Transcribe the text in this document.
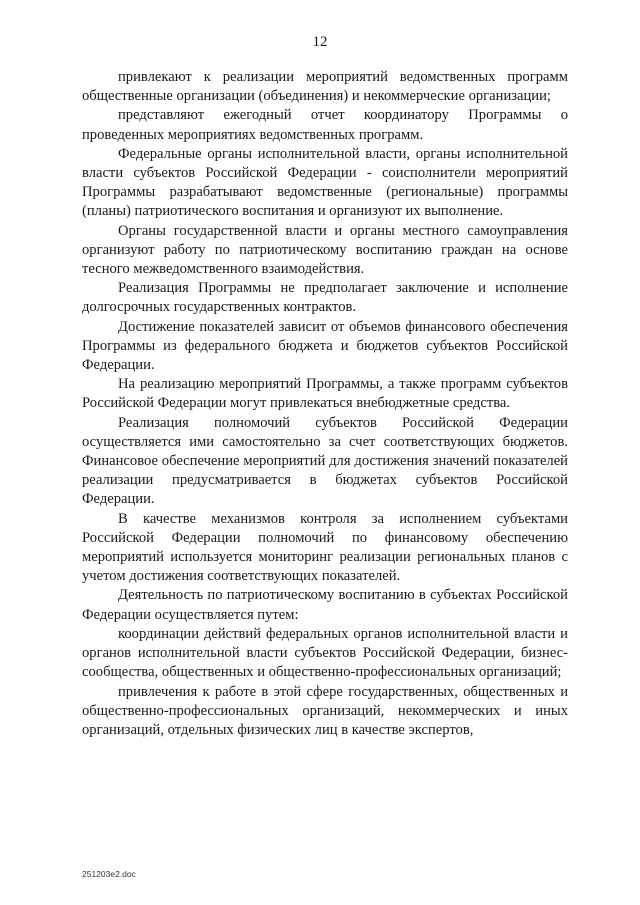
12

привлекают к реализации мероприятий ведомственных программ общественные организации (объединения) и некоммерческие организации;

представляют ежегодный отчет координатору Программы о проведенных мероприятиях ведомственных программ.

Федеральные органы исполнительной власти, органы исполнительной власти субъектов Российской Федерации - соисполнители мероприятий Программы разрабатывают ведомственные (региональные) программы (планы) патриотического воспитания и организуют их выполнение.

Органы государственной власти и органы местного самоуправления организуют работу по патриотическому воспитанию граждан на основе тесного межведомственного взаимодействия.

Реализация Программы не предполагает заключение и исполнение долгосрочных государственных контрактов.

Достижение показателей зависит от объемов финансового обеспечения Программы из федерального бюджета и бюджетов субъектов Российской Федерации.

На реализацию мероприятий Программы, а также программ субъектов Российской Федерации могут привлекаться внебюджетные средства.

Реализация полномочий субъектов Российской Федерации осуществляется ими самостоятельно за счет соответствующих бюджетов. Финансовое обеспечение мероприятий для достижения значений показателей реализации предусматривается в бюджетах субъектов Российской Федерации.

В качестве механизмов контроля за исполнением субъектами Российской Федерации полномочий по финансовому обеспечению мероприятий используется мониторинг реализации региональных планов с учетом достижения соответствующих показателей.

Деятельность по патриотическому воспитанию в субъектах Российской Федерации осуществляется путем:

координации действий федеральных органов исполнительной власти и органов исполнительной власти субъектов Российской Федерации, бизнес-сообщества, общественных и общественно-профессиональных организаций;

привлечения к работе в этой сфере государственных, общественных и общественно-профессиональных организаций, некоммерческих и иных организаций, отдельных физических лиц в качестве экспертов,

251203e2.doc
